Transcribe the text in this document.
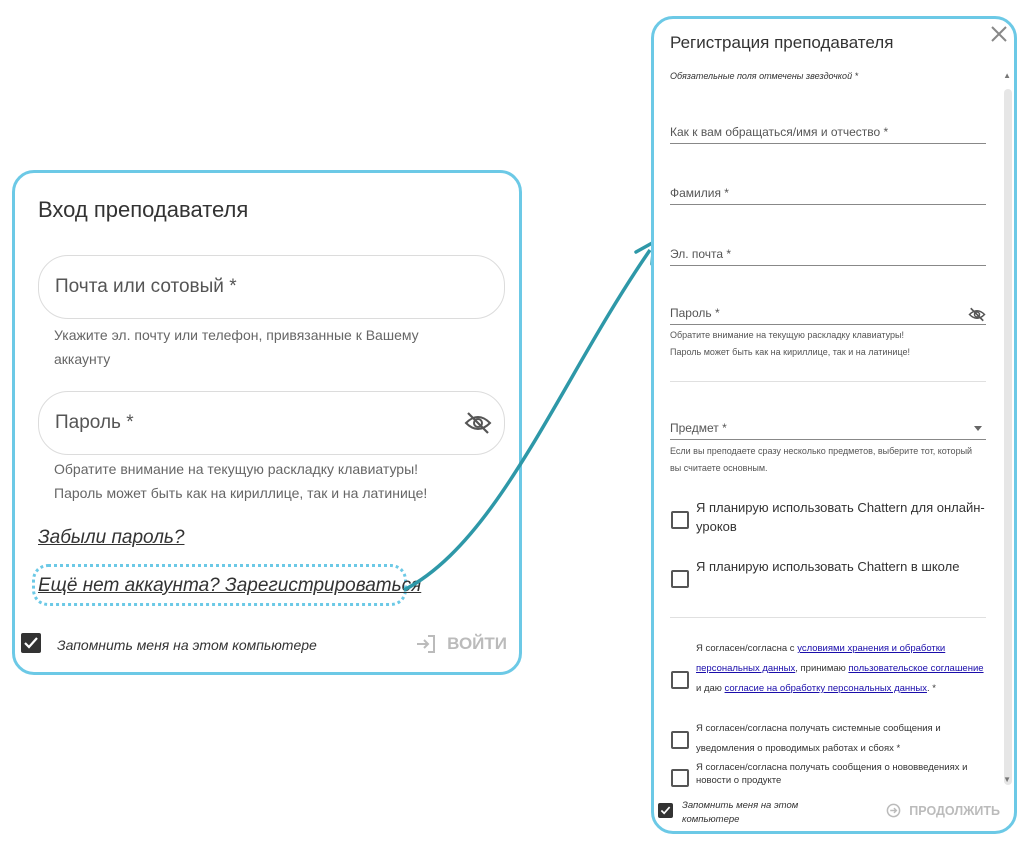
Вход преподавателя
Почта или сотовый *
Укажите эл. почту или телефон, привязанные к Вашему аккаунту
Пароль *
Обратите внимание на текущую раскладку клавиатуры!
Пароль может быть как на кириллице, так и на латинице!
Забыли пароль?
Ещё нет аккаунта? Зарегистрироваться
Запомнить меня на этом компьютере	ВОЙТИ
Регистрация преподавателя
Обязательные поля отмечены звездочкой *	▲
▼
Как к вам обращаться/имя и отчество *
Фамилия *
Эл. почта *
Пароль *
Обратите внимание на текущую раскладку клавиатуры!
Пароль может быть как на кириллице, так и на латинице!
Предмет *
Если вы преподаете сразу несколько предметов, выберите тот, который вы считаете основным.
Я планирую использовать Chattern для онлайн-уроков
Я планирую использовать Chattern в школе
Я согласен/согласна с условиями хранения и обработки персональных данных, принимаю пользовательское соглашение и даю согласие на обработку персональных данных. *
Я согласен/согласна получать системные сообщения и уведомления о проводимых работах и сбоях *
Я согласен/согласна получать сообщения о нововведениях и новости о продукте
Запомнить меня на этом компьютере
ПРОДОЛЖИТЬ
